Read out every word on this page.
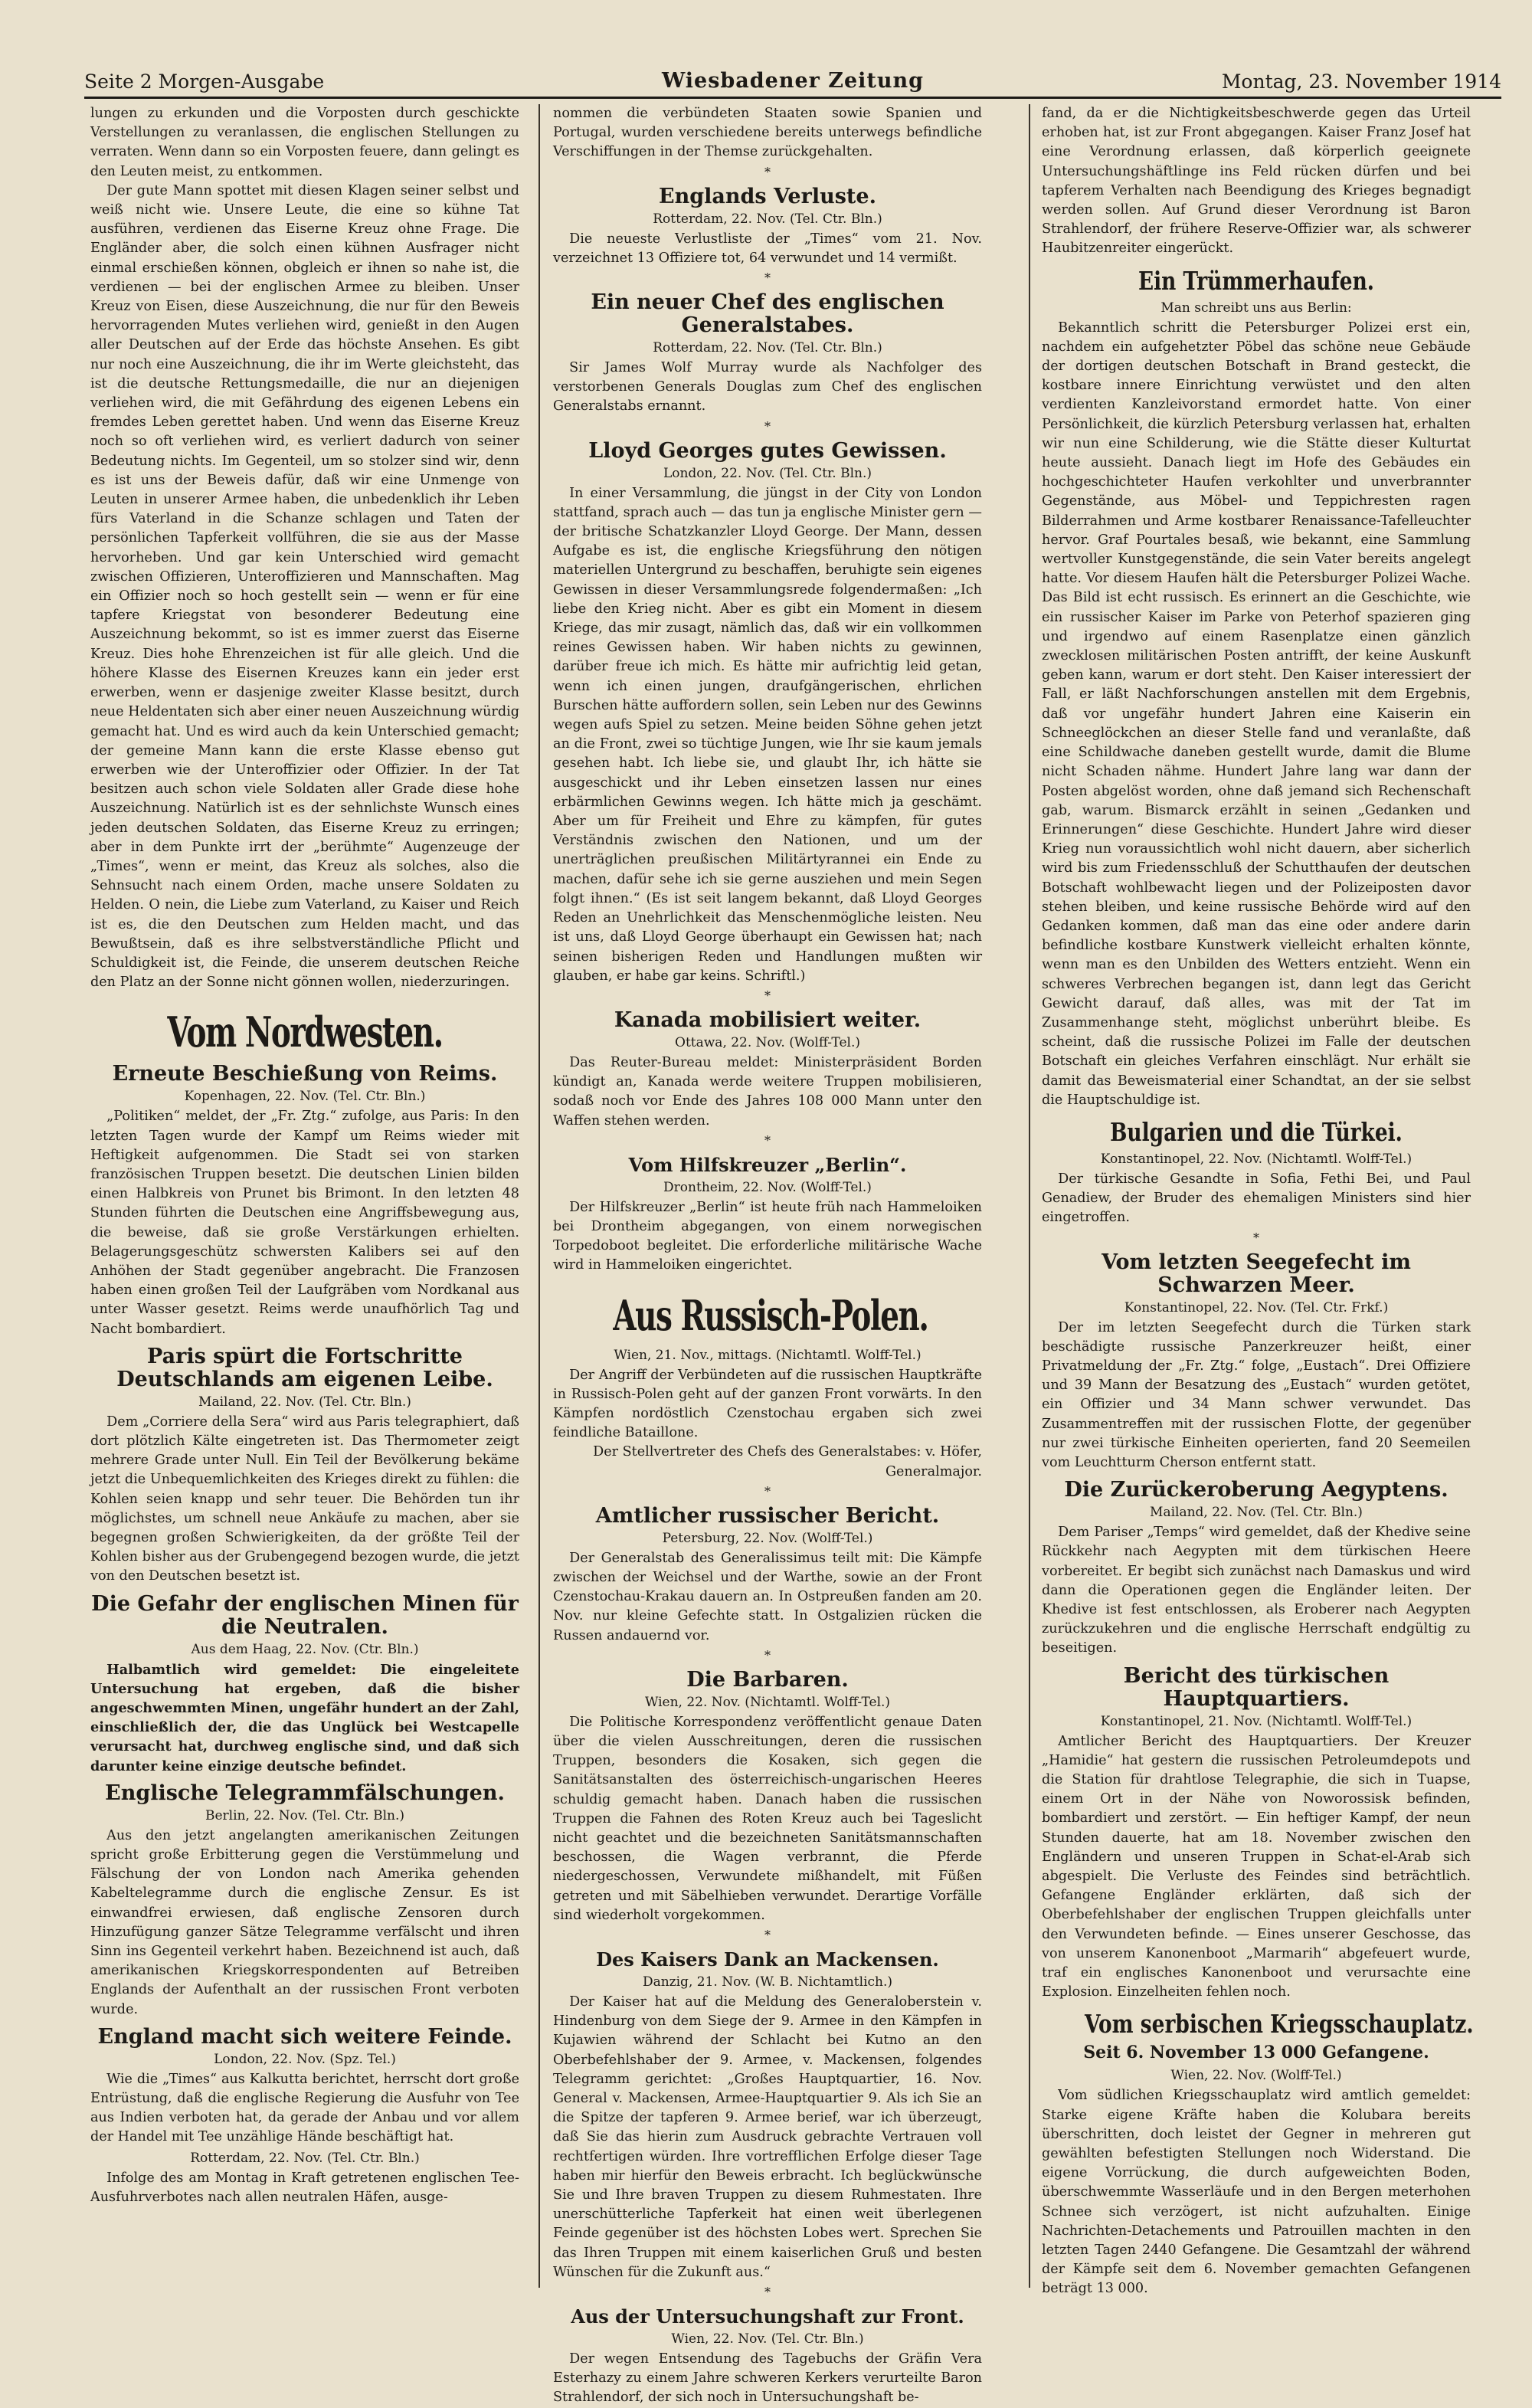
Seite 2 Morgen-Ausgabe	Wiesbadener Zeitung	Montag, 23. November 1914

lungen zu erkunden und die Vorposten durch geschickte Verstellungen zu veranlassen, die englischen Stellungen zu verraten. Wenn dann so ein Vorposten feuere, dann gelingt es den Leuten meist, zu entkommen.

Der gute Mann spottet mit diesen Klagen seiner selbst und weiß nicht wie. Unsere Leute, die eine so kühne Tat ausführen, verdienen das Eiserne Kreuz ohne Frage. Die Engländer aber, die solch einen kühnen Ausfrager nicht einmal erschießen können, obgleich er ihnen so nahe ist, die verdienen — bei der englischen Armee zu bleiben. Unser Kreuz von Eisen, diese Auszeichnung, die nur für den Beweis hervorragenden Mutes verliehen wird, genießt in den Augen aller Deutschen auf der Erde das höchste Ansehen. Es gibt nur noch eine Auszeichnung, die ihr im Werte gleichsteht, das ist die deutsche Rettungsmedaille, die nur an diejenigen verliehen wird, die mit Gefährdung des eigenen Lebens ein fremdes Leben gerettet haben. Und wenn das Eiserne Kreuz noch so oft verliehen wird, es verliert dadurch von seiner Bedeutung nichts. Im Gegenteil, um so stolzer sind wir, denn es ist uns der Beweis dafür, daß wir eine Unmenge von Leuten in unserer Armee haben, die unbedenklich ihr Leben fürs Vaterland in die Schanze schlagen und Taten der persönlichen Tapferkeit vollführen, die sie aus der Masse hervorheben. Und gar kein Unterschied wird gemacht zwischen Offizieren, Unteroffizieren und Mannschaften. Mag ein Offizier noch so hoch gestellt sein — wenn er für eine tapfere Kriegstat von besonderer Bedeutung eine Auszeichnung bekommt, so ist es immer zuerst das Eiserne Kreuz. Dies hohe Ehrenzeichen ist für alle gleich. Und die höhere Klasse des Eisernen Kreuzes kann ein jeder erst erwerben, wenn er dasjenige zweiter Klasse besitzt, durch neue Heldentaten sich aber einer neuen Auszeichnung würdig gemacht hat. Und es wird auch da kein Unterschied gemacht; der gemeine Mann kann die erste Klasse ebenso gut erwerben wie der Unteroffizier oder Offizier. In der Tat besitzen auch schon viele Soldaten aller Grade diese hohe Auszeichnung. Natürlich ist es der sehnlichste Wunsch eines jeden deutschen Soldaten, das Eiserne Kreuz zu erringen; aber in dem Punkte irrt der „berühmte“ Augenzeuge der „Times“, wenn er meint, das Kreuz als solches, also die Sehnsucht nach einem Orden, mache unsere Soldaten zu Helden. O nein, die Liebe zum Vaterland, zu Kaiser und Reich ist es, die den Deutschen zum Helden macht, und das Bewußtsein, daß es ihre selbstverständliche Pflicht und Schuldigkeit ist, die Feinde, die unserem deutschen Reiche den Platz an der Sonne nicht gönnen wollen, niederzuringen.

Vom Nordwesten.
Erneute Beschießung von Reims.
Kopenhagen, 22. Nov. (Tel. Ctr. Bln.)

„Politiken“ meldet, der „Fr. Ztg.“ zufolge, aus Paris: In den letzten Tagen wurde der Kampf um Reims wieder mit Heftigkeit aufgenommen. Die Stadt sei von starken französischen Truppen besetzt. Die deutschen Linien bilden einen Halbkreis von Prunet bis Brimont. In den letzten 48 Stunden führten die Deutschen eine Angriffsbewegung aus, die beweise, daß sie große Verstärkungen erhielten. Belagerungsgeschütz schwersten Kalibers sei auf den Anhöhen der Stadt gegenüber angebracht. Die Franzosen haben einen großen Teil der Laufgräben vom Nordkanal aus unter Wasser gesetzt. Reims werde unaufhörlich Tag und Nacht bombardiert.

Paris spürt die Fortschritte Deutschlands am eigenen Leibe.
Mailand, 22. Nov. (Tel. Ctr. Bln.)

Dem „Corriere della Sera“ wird aus Paris telegraphiert, daß dort plötzlich Kälte eingetreten ist. Das Thermometer zeigt mehrere Grade unter Null. Ein Teil der Bevölkerung bekäme jetzt die Unbequemlichkeiten des Krieges direkt zu fühlen: die Kohlen seien knapp und sehr teuer. Die Behörden tun ihr möglichstes, um schnell neue Ankäufe zu machen, aber sie begegnen großen Schwierigkeiten, da der größte Teil der Kohlen bisher aus der Grubengegend bezogen wurde, die jetzt von den Deutschen besetzt ist.

Die Gefahr der englischen Minen für die Neutralen.
Aus dem Haag, 22. Nov. (Ctr. Bln.)

Halbamtlich wird gemeldet: Die eingeleitete Untersuchung hat ergeben, daß die bisher angeschwemmten Minen, ungefähr hundert an der Zahl, einschließlich der, die das Unglück bei Westcapelle verursacht hat, durchweg englische sind, und daß sich darunter keine einzige deutsche befindet.

Englische Telegrammfälschungen.
Berlin, 22. Nov. (Tel. Ctr. Bln.)

Aus den jetzt angelangten amerikanischen Zeitungen spricht große Erbitterung gegen die Verstümmelung und Fälschung der von London nach Amerika gehenden Kabeltelegramme durch die englische Zensur. Es ist einwandfrei erwiesen, daß englische Zensoren durch Hinzufügung ganzer Sätze Telegramme verfälscht und ihren Sinn ins Gegenteil verkehrt haben. Bezeichnend ist auch, daß amerikanischen Kriegskorrespondenten auf Betreiben Englands der Aufenthalt an der russischen Front verboten wurde.

England macht sich weitere Feinde.
London, 22. Nov. (Spz. Tel.)

Wie die „Times“ aus Kalkutta berichtet, herrscht dort große Entrüstung, daß die englische Regierung die Ausfuhr von Tee aus Indien verboten hat, da gerade der Anbau und vor allem der Handel mit Tee unzählige Hände beschäftigt hat.

Rotterdam, 22. Nov. (Tel. Ctr. Bln.)

Infolge des am Montag in Kraft getretenen englischen Tee-Ausfuhrverbotes nach allen neutralen Häfen, ausge-

nommen die verbündeten Staaten sowie Spanien und Portugal, wurden verschiedene bereits unterwegs befindliche Verschiffungen in der Themse zurückgehalten.

*
Englands Verluste.
Rotterdam, 22. Nov. (Tel. Ctr. Bln.)

Die neueste Verlustliste der „Times“ vom 21. Nov. verzeichnet 13 Offiziere tot, 64 verwundet und 14 vermißt.

*
Ein neuer Chef des englischen Generalstabes.
Rotterdam, 22. Nov. (Tel. Ctr. Bln.)

Sir James Wolf Murray wurde als Nachfolger des verstorbenen Generals Douglas zum Chef des englischen Generalstabs ernannt.

*
Lloyd Georges gutes Gewissen.
London, 22. Nov. (Tel. Ctr. Bln.)

In einer Versammlung, die jüngst in der City von London stattfand, sprach auch — das tun ja englische Minister gern — der britische Schatzkanzler Lloyd George. Der Mann, dessen Aufgabe es ist, die englische Kriegsführung den nötigen materiellen Untergrund zu beschaffen, beruhigte sein eigenes Gewissen in dieser Versammlungsrede folgendermaßen: „Ich liebe den Krieg nicht. Aber es gibt ein Moment in diesem Kriege, das mir zusagt, nämlich das, daß wir ein vollkommen reines Gewissen haben. Wir haben nichts zu gewinnen, darüber freue ich mich. Es hätte mir aufrichtig leid getan, wenn ich einen jungen, draufgängerischen, ehrlichen Burschen hätte auffordern sollen, sein Leben nur des Gewinns wegen aufs Spiel zu setzen. Meine beiden Söhne gehen jetzt an die Front, zwei so tüchtige Jungen, wie Ihr sie kaum jemals gesehen habt. Ich liebe sie, und glaubt Ihr, ich hätte sie ausgeschickt und ihr Leben einsetzen lassen nur eines erbärmlichen Gewinns wegen. Ich hätte mich ja geschämt. Aber um für Freiheit und Ehre zu kämpfen, für gutes Verständnis zwischen den Nationen, und um der unerträglichen preußischen Militärtyrannei ein Ende zu machen, dafür sehe ich sie gerne ausziehen und mein Segen folgt ihnen.“ (Es ist seit langem bekannt, daß Lloyd Georges Reden an Unehrlichkeit das Menschenmögliche leisten. Neu ist uns, daß Lloyd George überhaupt ein Gewissen hat; nach seinen bisherigen Reden und Handlungen mußten wir glauben, er habe gar keins. Schriftl.)

*
Kanada mobilisiert weiter.
Ottawa, 22. Nov. (Wolff-Tel.)

Das Reuter-Bureau meldet: Ministerpräsident Borden kündigt an, Kanada werde weitere Truppen mobilisieren, sodaß noch vor Ende des Jahres 108 000 Mann unter den Waffen stehen werden.

*
Vom Hilfskreuzer „Berlin“.
Drontheim, 22. Nov. (Wolff-Tel.)

Der Hilfskreuzer „Berlin“ ist heute früh nach Hammeloiken bei Drontheim abgegangen, von einem norwegischen Torpedoboot begleitet. Die erforderliche militärische Wache wird in Hammeloiken eingerichtet.

Aus Russisch-Polen.
Wien, 21. Nov., mittags. (Nichtamtl. Wolff-Tel.)

Der Angriff der Verbündeten auf die russischen Hauptkräfte in Russisch-Polen geht auf der ganzen Front vorwärts. In den Kämpfen nordöstlich Czenstochau ergaben sich zwei feindliche Bataillone.

Der Stellvertreter des Chefs des Generalstabes: v. Höfer, Generalmajor.

*
Amtlicher russischer Bericht.
Petersburg, 22. Nov. (Wolff-Tel.)

Der Generalstab des Generalissimus teilt mit: Die Kämpfe zwischen der Weichsel und der Warthe, sowie an der Front Czenstochau-Krakau dauern an. In Ostpreußen fanden am 20. Nov. nur kleine Gefechte statt. In Ostgalizien rücken die Russen andauernd vor.

*
Die Barbaren.
Wien, 22. Nov. (Nichtamtl. Wolff-Tel.)

Die Politische Korrespondenz veröffentlicht genaue Daten über die vielen Ausschreitungen, deren die russischen Truppen, besonders die Kosaken, sich gegen die Sanitätsanstalten des österreichisch-ungarischen Heeres schuldig gemacht haben. Danach haben die russischen Truppen die Fahnen des Roten Kreuz auch bei Tageslicht nicht geachtet und die bezeichneten Sanitätsmannschaften beschossen, die Wagen verbrannt, die Pferde niedergeschossen, Verwundete mißhandelt, mit Füßen getreten und mit Säbelhieben verwundet. Derartige Vorfälle sind wiederholt vorgekommen.

*
Des Kaisers Dank an Mackensen.
Danzig, 21. Nov. (W. B. Nichtamtlich.)

Der Kaiser hat auf die Meldung des Generaloberstein v. Hindenburg von dem Siege der 9. Armee in den Kämpfen in Kujawien während der Schlacht bei Kutno an den Oberbefehlshaber der 9. Armee, v. Mackensen, folgendes Telegramm gerichtet: „Großes Hauptquartier, 16. Nov. General v. Mackensen, Armee-Hauptquartier 9. Als ich Sie an die Spitze der tapferen 9. Armee berief, war ich überzeugt, daß Sie das hierin zum Ausdruck gebrachte Vertrauen voll rechtfertigen würden. Ihre vortrefflichen Erfolge dieser Tage haben mir hierfür den Beweis erbracht. Ich beglückwünsche Sie und Ihre braven Truppen zu diesem Ruhmestaten. Ihre unerschütterliche Tapferkeit hat einen weit überlegenen Feinde gegenüber ist des höchsten Lobes wert. Sprechen Sie das Ihren Truppen mit einem kaiserlichen Gruß und besten Wünschen für die Zukunft aus.“

*
Aus der Untersuchungshaft zur Front.
Wien, 22. Nov. (Tel. Ctr. Bln.)

Der wegen Entsendung des Tagebuchs der Gräfin Vera Esterhazy zu einem Jahre schweren Kerkers verurteilte Baron Strahlendorf, der sich noch in Untersuchungshaft be-

fand, da er die Nichtigkeitsbeschwerde gegen das Urteil erhoben hat, ist zur Front abgegangen. Kaiser Franz Josef hat eine Verordnung erlassen, daß körperlich geeignete Untersuchungshäftlinge ins Feld rücken dürfen und bei tapferem Verhalten nach Beendigung des Krieges begnadigt werden sollen. Auf Grund dieser Verordnung ist Baron Strahlendorf, der frühere Reserve-Offizier war, als schwerer Haubitzenreiter eingerückt.

Ein Trümmerhaufen.
Man schreibt uns aus Berlin:

Bekanntlich schritt die Petersburger Polizei erst ein, nachdem ein aufgehetzter Pöbel das schöne neue Gebäude der dortigen deutschen Botschaft in Brand gesteckt, die kostbare innere Einrichtung verwüstet und den alten verdienten Kanzleivorstand ermordet hatte. Von einer Persönlichkeit, die kürzlich Petersburg verlassen hat, erhalten wir nun eine Schilderung, wie die Stätte dieser Kulturtat heute aussieht. Danach liegt im Hofe des Gebäudes ein hochgeschichteter Haufen verkohlter und unverbrannter Gegenstände, aus Möbel- und Teppichresten ragen Bilderrahmen und Arme kostbarer Renaissance-Tafelleuchter hervor. Graf Pourtales besaß, wie bekannt, eine Sammlung wertvoller Kunstgegenstände, die sein Vater bereits angelegt hatte. Vor diesem Haufen hält die Petersburger Polizei Wache. Das Bild ist echt russisch. Es erinnert an die Geschichte, wie ein russischer Kaiser im Parke von Peterhof spazieren ging und irgendwo auf einem Rasenplatze einen gänzlich zwecklosen militärischen Posten antrifft, der keine Auskunft geben kann, warum er dort steht. Den Kaiser interessiert der Fall, er läßt Nachforschungen anstellen mit dem Ergebnis, daß vor ungefähr hundert Jahren eine Kaiserin ein Schneeglöckchen an dieser Stelle fand und veranlaßte, daß eine Schildwache daneben gestellt wurde, damit die Blume nicht Schaden nähme. Hundert Jahre lang war dann der Posten abgelöst worden, ohne daß jemand sich Rechenschaft gab, warum. Bismarck erzählt in seinen „Gedanken und Erinnerungen“ diese Geschichte. Hundert Jahre wird dieser Krieg nun voraussichtlich wohl nicht dauern, aber sicherlich wird bis zum Friedensschluß der Schutthaufen der deutschen Botschaft wohlbewacht liegen und der Polizeiposten davor stehen bleiben, und keine russische Behörde wird auf den Gedanken kommen, daß man das eine oder andere darin befindliche kostbare Kunstwerk vielleicht erhalten könnte, wenn man es den Unbilden des Wetters entzieht. Wenn ein schweres Verbrechen begangen ist, dann legt das Gericht Gewicht darauf, daß alles, was mit der Tat im Zusammenhange steht, möglichst unberührt bleibe. Es scheint, daß die russische Polizei im Falle der deutschen Botschaft ein gleiches Verfahren einschlägt. Nur erhält sie damit das Beweismaterial einer Schandtat, an der sie selbst die Hauptschuldige ist.

Bulgarien und die Türkei.
Konstantinopel, 22. Nov. (Nichtamtl. Wolff-Tel.)

Der türkische Gesandte in Sofia, Fethi Bei, und Paul Genadiew, der Bruder des ehemaligen Ministers sind hier eingetroffen.

*
Vom letzten Seegefecht im Schwarzen Meer.
Konstantinopel, 22. Nov. (Tel. Ctr. Frkf.)

Der im letzten Seegefecht durch die Türken stark beschädigte russische Panzerkreuzer heißt, einer Privatmeldung der „Fr. Ztg.“ folge, „Eustach“. Drei Offiziere und 39 Mann der Besatzung des „Eustach“ wurden getötet, ein Offizier und 34 Mann schwer verwundet. Das Zusammentreffen mit der russischen Flotte, der gegenüber nur zwei türkische Einheiten operierten, fand 20 Seemeilen vom Leuchtturm Cherson entfernt statt.

Die Zurückeroberung Aegyptens.
Mailand, 22. Nov. (Tel. Ctr. Bln.)

Dem Pariser „Temps“ wird gemeldet, daß der Khedive seine Rückkehr nach Aegypten mit dem türkischen Heere vorbereitet. Er begibt sich zunächst nach Damaskus und wird dann die Operationen gegen die Engländer leiten. Der Khedive ist fest entschlossen, als Eroberer nach Aegypten zurückzukehren und die englische Herrschaft endgültig zu beseitigen.

Bericht des türkischen Hauptquartiers.
Konstantinopel, 21. Nov. (Nichtamtl. Wolff-Tel.)

Amtlicher Bericht des Hauptquartiers. Der Kreuzer „Hamidie“ hat gestern die russischen Petroleumdepots und die Station für drahtlose Telegraphie, die sich in Tuapse, einem Ort in der Nähe von Noworossisk befinden, bombardiert und zerstört. — Ein heftiger Kampf, der neun Stunden dauerte, hat am 18. November zwischen den Engländern und unseren Truppen in Schat-el-Arab sich abgespielt. Die Verluste des Feindes sind beträchtlich. Gefangene Engländer erklärten, daß sich der Oberbefehlshaber der englischen Truppen gleichfalls unter den Verwundeten befinde. — Eines unserer Geschosse, das von unserem Kanonenboot „Marmarih“ abgefeuert wurde, traf ein englisches Kanonenboot und verursachte eine Explosion. Einzelheiten fehlen noch.

Vom serbischen Kriegsschauplatz.
Seit 6. November 13 000 Gefangene.
Wien, 22. Nov. (Wolff-Tel.)

Vom südlichen Kriegsschauplatz wird amtlich gemeldet: Starke eigene Kräfte haben die Kolubara bereits überschritten, doch leistet der Gegner in mehreren gut gewählten befestigten Stellungen noch Widerstand. Die eigene Vorrückung, die durch aufgeweichten Boden, überschwemmte Wasserläufe und in den Bergen meterhohen Schnee sich verzögert, ist nicht aufzuhalten. Einige Nachrichten-Detachements und Patrouillen machten in den letzten Tagen 2440 Gefangene. Die Gesamtzahl der während der Kämpfe seit dem 6. November gemachten Gefangenen beträgt 13 000.
